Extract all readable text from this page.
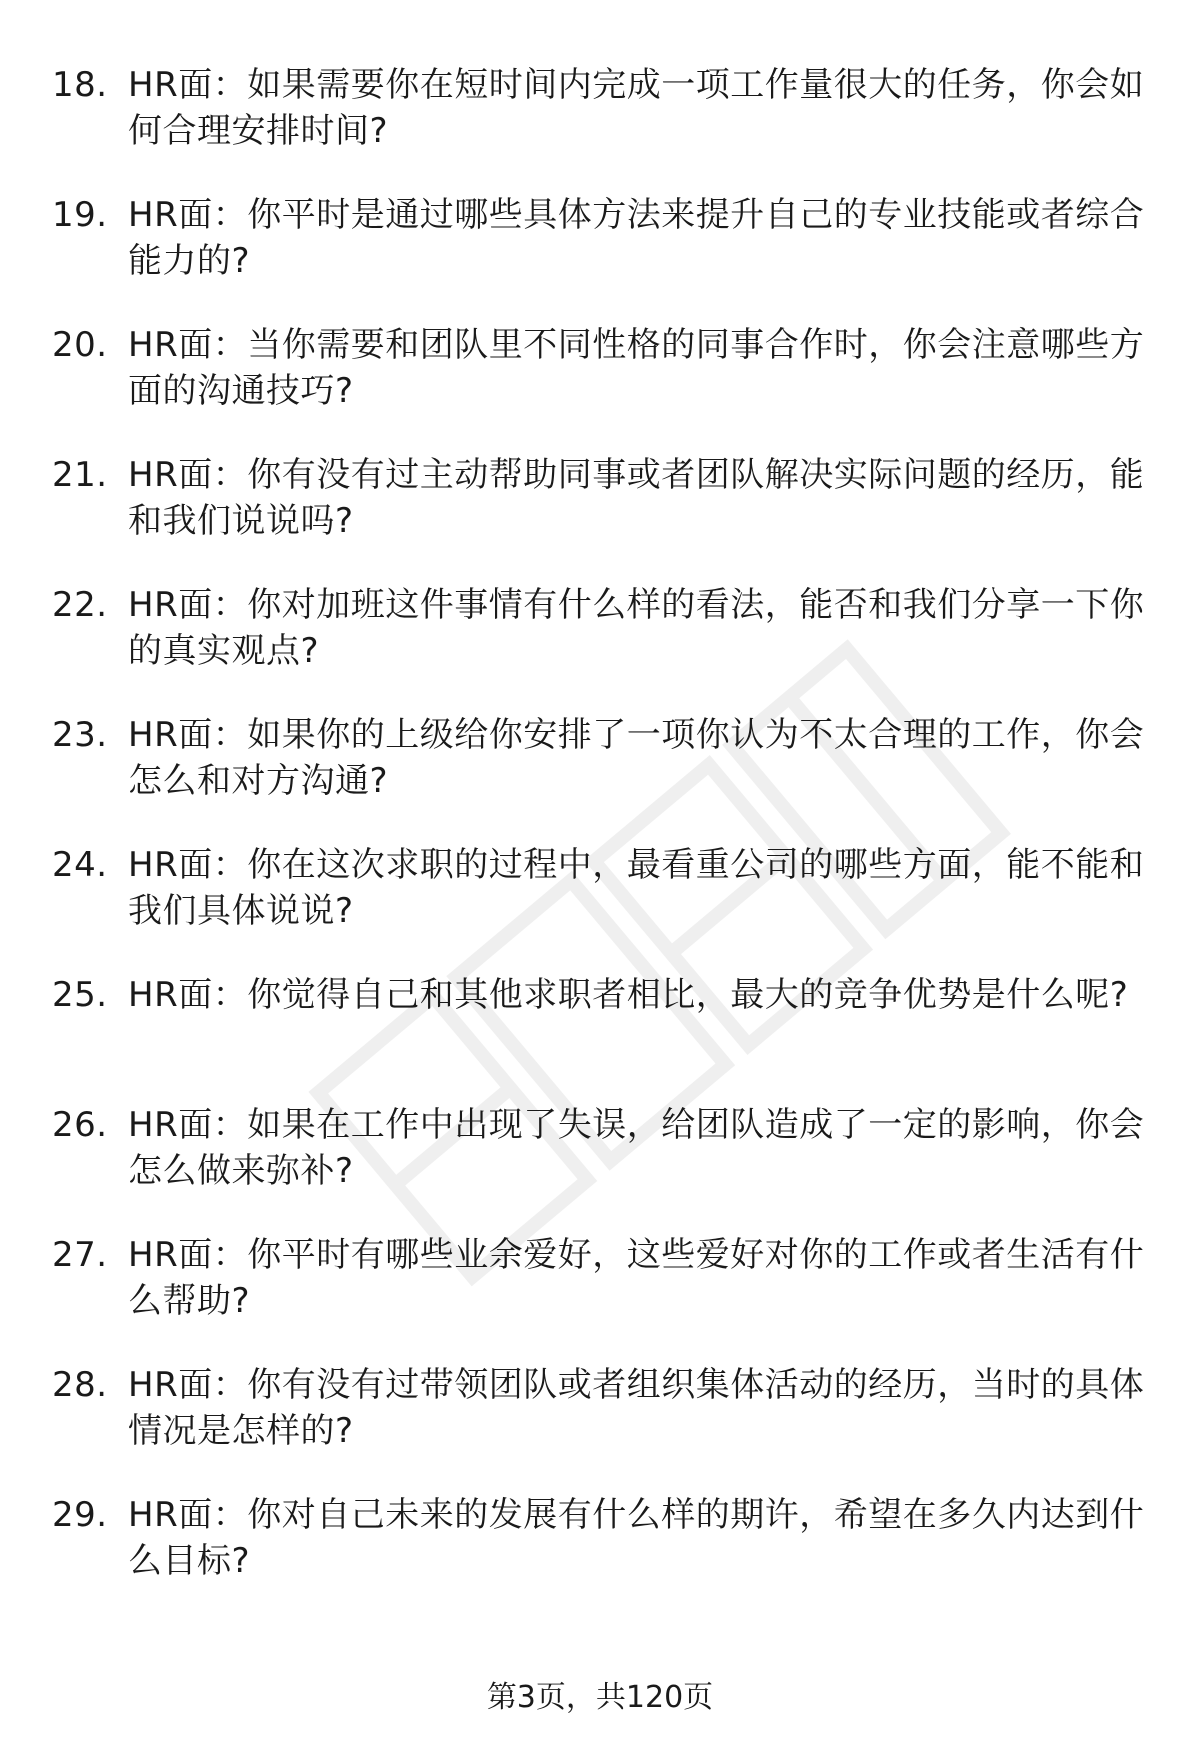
18. HR面：如果需要你在短时间内完成一项工作量很大的任务，你会如何合理安排时间?
19. HR面：你平时是通过哪些具体方法来提升自己的专业技能或者综合能力的?
20. HR面：当你需要和团队里不同性格的同事合作时，你会注意哪些方面的沟通技巧?
21. HR面：你有没有过主动帮助同事或者团队解决实际问题的经历，能和我们说说吗?
22. HR面：你对加班这件事情有什么样的看法，能否和我们分享一下你的真实观点?
23. HR面：如果你的上级给你安排了一项你认为不太合理的工作，你会怎么和对方沟通?
24. HR面：你在这次求职的过程中，最看重公司的哪些方面，能不能和我们具体说说?
25. HR面：你觉得自己和其他求职者相比，最大的竞争优势是什么呢?
26. HR面：如果在工作中出现了失误，给团队造成了一定的影响，你会怎么做来弥补?
27. HR面：你平时有哪些业余爱好，这些爱好对你的工作或者生活有什么帮助?
28. HR面：你有没有过带领团队或者组织集体活动的经历，当时的具体情况是怎样的?
29. HR面：你对自己未来的发展有什么样的期许，希望在多久内达到什么目标?
第3页，共120页
